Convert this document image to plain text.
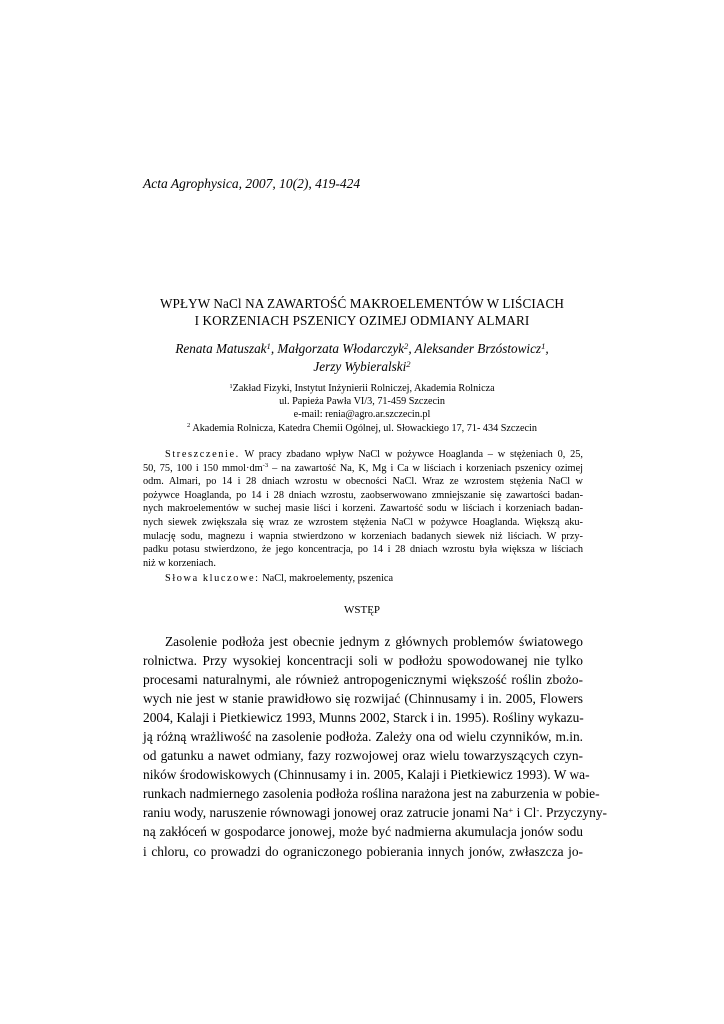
Acta Agrophysica, 2007, 10(2), 419-424
WPŁYW NaCl NA ZAWARTOŚĆ MAKROELEMENTÓW W LIŚCIACH
I KORZENIACH PSZENICY OZIMEJ ODMIANY ALMARI
Renata Matuszak$^1$, Małgorzata Włodarczyk$^2$, Aleksander Brzóstowicz$^1$,
Jerzy Wybieralski$^2$
$^1$Zakład Fizyki, Instytut Inżynierii Rolniczej, Akademia Rolnicza
ul. Papieża Pawła VI/3, 71-459 Szczecin
e-mail: renia@agro.ar.szczecin.pl
$^2$ Akademia Rolnicza, Katedra Chemii Ogólnej, ul. Słowackiego 17, 71- 434 Szczecin
Streszczenie. W pracy zbadano wpływ NaCl w pożywce Hoaglanda – w stężeniach 0, 25,
50, 75, 100 i 150 $mmol\cdot dm^{-3}$ – na zawartość Na, K, Mg i Ca w liściach i korzeniach pszenicy ozimej
odm. Almari, po 14 i 28 dniach wzrostu w obecności NaCl. Wraz ze wzrostem stężenia NaCl w
pożywce Hoaglanda, po 14 i 28 dniach wzrostu, zaobserwowano zmniejszanie się zawartości badan-
nych makroelementów w suchej masie liści i korzeni. Zawartość sodu w liściach i korzeniach badan-
nych siewek zwiększała się wraz ze wzrostem stężenia NaCl w pożywce Hoaglanda. Większą aku-
mulację sodu, magnezu i wapnia stwierdzono w korzeniach badanych siewek niż liściach. W przy-
padku potasu stwierdzono, że jego koncentracja, po 14 i 28 dniach wzrostu była większa w liściach
niż w korzeniach.
Słowa kluczowe: NaCl, makroelementy, pszenica
WSTĘP
Zasolenie podłoża jest obecnie jednym z głównych problemów światowego
rolnictwa. Przy wysokiej koncentracji soli w podłożu spowodowanej nie tylko
procesami naturalnymi, ale również antropogenicznymi większość roślin zbożo-
wych nie jest w stanie prawidłowo się rozwijać (Chinnusamy i in. 2005, Flowers
2004, Kalaji i Pietkiewicz 1993, Munns 2002, Starck i in. 1995). Rośliny wykazu-
ją różną wrażliwość na zasolenie podłoża. Zależy ona od wielu czynników, m.in.
od gatunku a nawet odmiany, fazy rozwojowej oraz wielu towarzyszących czyn-
ników środowiskowych (Chinnusamy i in. 2005, Kalaji i Pietkiewicz 1993). W wa-
runkach nadmiernego zasolenia podłoża roślina narażona jest na zaburzenia w pobie-
raniu wody, naruszenie równowagi jonowej oraz zatrucie jonami Na+ i Cl-. Przyczyny-
ną zakłóceń w gospodarce jonowej, może być nadmierna akumulacja jonów sodu
i chloru, co prowadzi do ograniczonego pobierania innych jonów, zwłaszcza jo-
